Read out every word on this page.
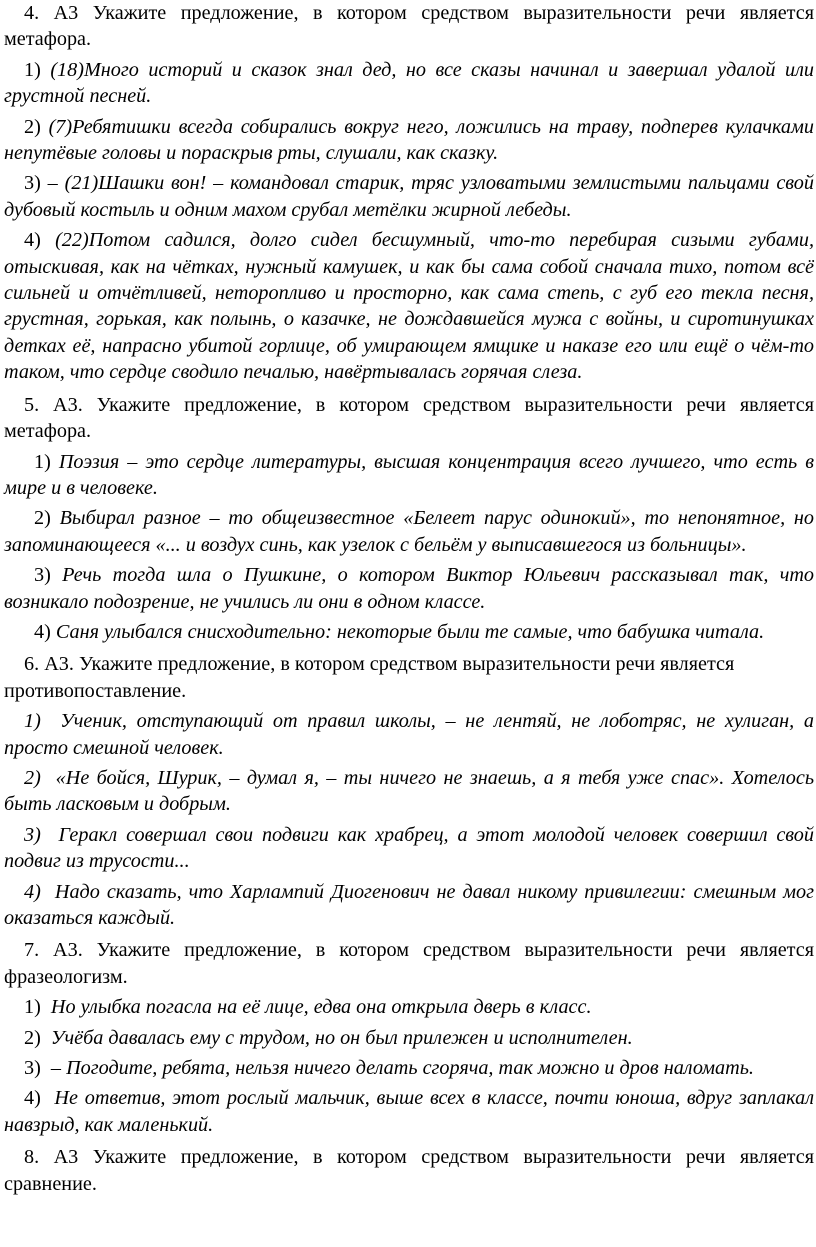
4. А3 Укажите предложение, в котором средством выразительности речи является метафора.

1) (18)Много историй и сказок знал дед, но все сказы начинал и завершал удалой или грустной песней.

2) (7)Ребятишки всегда собирались вокруг него, ложились на траву, подперев кулачками непутёвые головы и пораскрыв рты, слушали, как сказку.

3) – (21)Шашки вон! – командовал старик, тряс узловатыми землистыми пальцами свой дубовый костыль и одним махом срубал метёлки жирной лебеды.

4) (22)Потом садился, долго сидел бесшумный, что-то перебирая сизыми губами, отыскивая, как на чётках, нужный камушек, и как бы сама собой сначала тихо, потом всё сильней и отчётливей, неторопливо и просторно, как сама степь, с губ его текла песня, грустная, горькая, как полынь, о казачке, не дождавшейся мужа с войны, и сиротинушках детках её, напрасно убитой горлице, об умирающем ямщике и наказе его или ещё о чём-то таком, что сердце сводило печалью, навёртывалась горячая слеза.

5. А3. Укажите предложение, в котором средством выразительности речи является метафора.

1) Поэзия – это сердце литературы, высшая концентрация всего лучшего, что есть в мире и в человеке.

2) Выбирал разное – то общеизвестное «Белеет парус одинокий», то непонятное, но запоминающееся «... и воздух синь, как узелок с бельём у выписавшегося из больницы».

3) Речь тогда шла о Пушкине, о котором Виктор Юльевич рассказывал так, что возникало подозрение, не учились ли они в одном классе.

4) Саня улыбался снисходительно: некоторые были те самые, что бабушка читала.

6. А3. Укажите предложение, в котором средством выразительности речи является

противопоставление.

1) Ученик, отступающий от правил школы, – не лентяй, не лоботряс, не хулиган, а просто смешной человек.

2) «Не бойся, Шурик, – думал я, – ты ничего не знаешь, а я тебя уже спас». Хотелось быть ласковым и добрым.

3) Геракл совершал свои подвиги как храбрец, а этот молодой человек совершил свой подвиг из трусости...

4) Надо сказать, что Харлампий Диогенович не давал никому привилегии: смешным мог оказаться каждый.

7. А3. Укажите предложение, в котором средством выразительности речи является фразеологизм.

1) Но улыбка погасла на её лице, едва она открыла дверь в класс.

2) Учёба давалась ему с трудом, но он был прилежен и исполнителен.

3) – Погодите, ребята, нельзя ничего делать сгоряча, так можно и дров наломать.

4) Не ответив, этот рослый мальчик, выше всех в классе, почти юноша, вдруг заплакал навзрыд, как маленький.

8. А3 Укажите предложение, в котором средством выразительности речи является сравнение.
